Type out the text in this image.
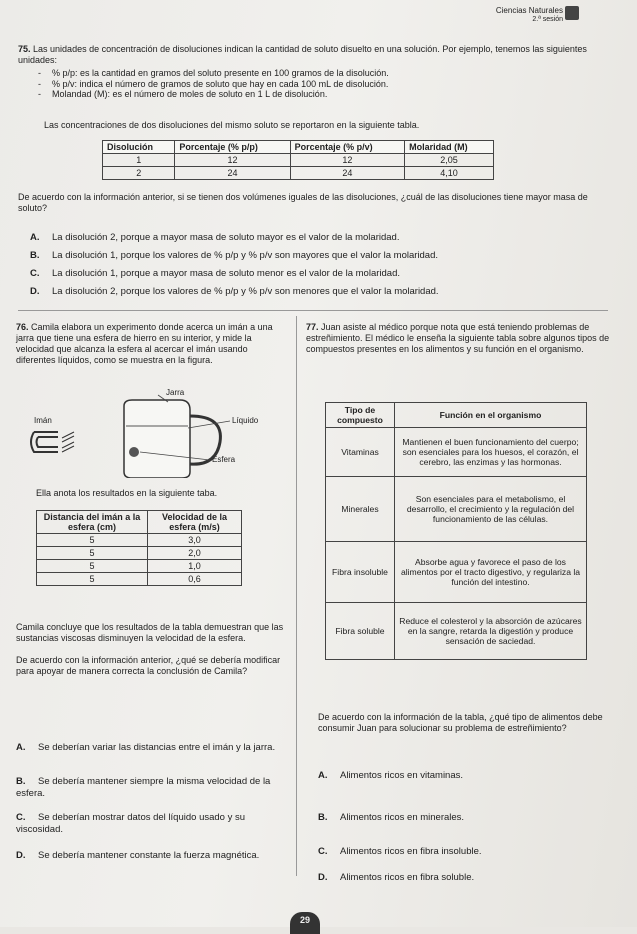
Ciencias Naturales
2.ª sesión
75. Las unidades de concentración de disoluciones indican la cantidad de soluto disuelto en una solución. Por ejemplo, tenemos las siguientes unidades:
- % p/p: es la cantidad en gramos del soluto presente en 100 gramos de la disolución.
- % p/v: indica el número de gramos de soluto que hay en cada 100 mL de disolución.
- Molandad (M): es el número de moles de soluto en 1 L de disolución.
Las concentraciones de dos disoluciones del mismo soluto se reportaron en la siguiente tabla.
Disolución	Porcentaje (% p/p)	Porcentaje (% p/v)	Molaridad (M)
1	12	12	2,05
2	24	24	4,10
De acuerdo con la información anterior, si se tienen dos volúmenes iguales de las disoluciones, ¿cuál de las disoluciones tiene mayor masa de soluto?
A. La disolución 2, porque a mayor masa de soluto mayor es el valor de la molaridad.
B. La disolución 1, porque los valores de % p/p y % p/v son mayores que el valor la molaridad.
C. La disolución 1, porque a mayor masa de soluto menor es el valor de la molaridad.
D. La disolución 2, porque los valores de % p/p y % p/v son menores que el valor la molaridad.
76. Camila elabora un experimento donde acerca un imán a una jarra que tiene una esfera de hierro en su interior, y mide la velocidad que alcanza la esfera al acercar el imán usando diferentes líquidos, como se muestra en la figura.
Jarra
Imán	Líquido
Esfera
Ella anota los resultados en la siguiente taba.
Distancia del imán a la esfera (cm)	Velocidad de la esfera (m/s)
5	3,0
5	2,0
5	1,0
5	0,6
Camila concluye que los resultados de la tabla demuestran que las sustancias viscosas disminuyen la velocidad de la esfera.

De acuerdo con la información anterior, ¿qué se debería modificar para apoyar de manera correcta la conclusión de Camila?
A. Se deberían variar las distancias entre el imán y la jarra.
B. Se debería mantener siempre la misma velocidad de la esfera.
C. Se deberían mostrar datos del líquido usado y su viscosidad.
D. Se debería mantener constante la fuerza magnética.
77. Juan asiste al médico porque nota que está teniendo problemas de estreñimiento. El médico le enseña la siguiente tabla sobre algunos tipos de compuestos presentes en los alimentos y su función en el organismo.
Tipo de compuesto	Función en el organismo
Vitaminas	Mantienen el buen funcionamiento del cuerpo; son esenciales para los huesos, el corazón, el cerebro, las enzimas y las hormonas.
Minerales	Son esenciales para el metabolismo, el desarrollo, el crecimiento y la regulación del funcionamiento de las células.
Fibra insoluble	Absorbe agua y favorece el paso de los alimentos por el tracto digestivo, y regulariza la función del intestino.
Fibra soluble	Reduce el colesterol y la absorción de azúcares en la sangre, retarda la digestión y produce sensación de saciedad.
De acuerdo con la información de la tabla, ¿qué tipo de alimentos debe consumir Juan para solucionar su problema de estreñimiento?
A. Alimentos ricos en vitaminas.
B. Alimentos ricos en minerales.
C. Alimentos ricos en fibra insoluble.
D. Alimentos ricos en fibra soluble.
29
